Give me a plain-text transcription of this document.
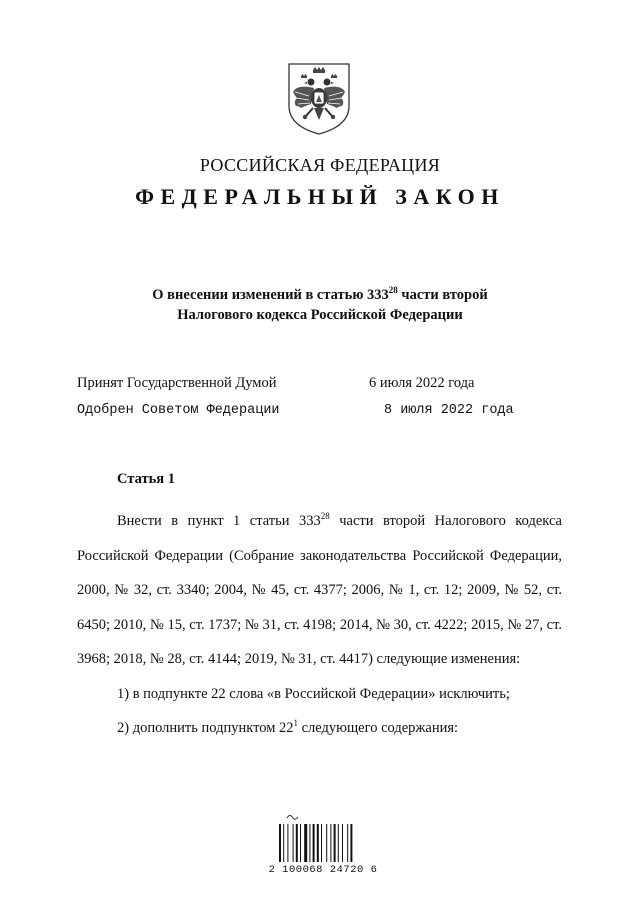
РОССИЙСКАЯ ФЕДЕРАЦИЯ
ФЕДЕРАЛЬНЫЙ ЗАКОН
О внесении изменений в статью $333^{28}$ части второй
Налогового кодекса Российской Федерации
Принят Государственной Думой	6 июля 2022 года
Одобрен Советом Федерации	8 июля 2022 года
Статья 1

Внести в пункт 1 статьи $333^{28}$ части второй Налогового кодекса Российской Федерации (Собрание законодательства Российской Федерации, 2000, № 32, ст. 3340; 2004, № 45, ст. 4377; 2006, № 1, ст. 12; 2009, № 52, ст. 6450; 2010, № 15, ст. 1737; № 31, ст. 4198; 2014, № 30, ст. 4222; 2015, № 27, ст. 3968; 2018, № 28, ст. 4144; 2019, № 31, ст. 4417) следующие изменения:

1) в подпункте 22 слова «в Российской Федерации» исключить;

2) дополнить подпунктом $22^1$ следующего содержания:

2 100068 24720 6
